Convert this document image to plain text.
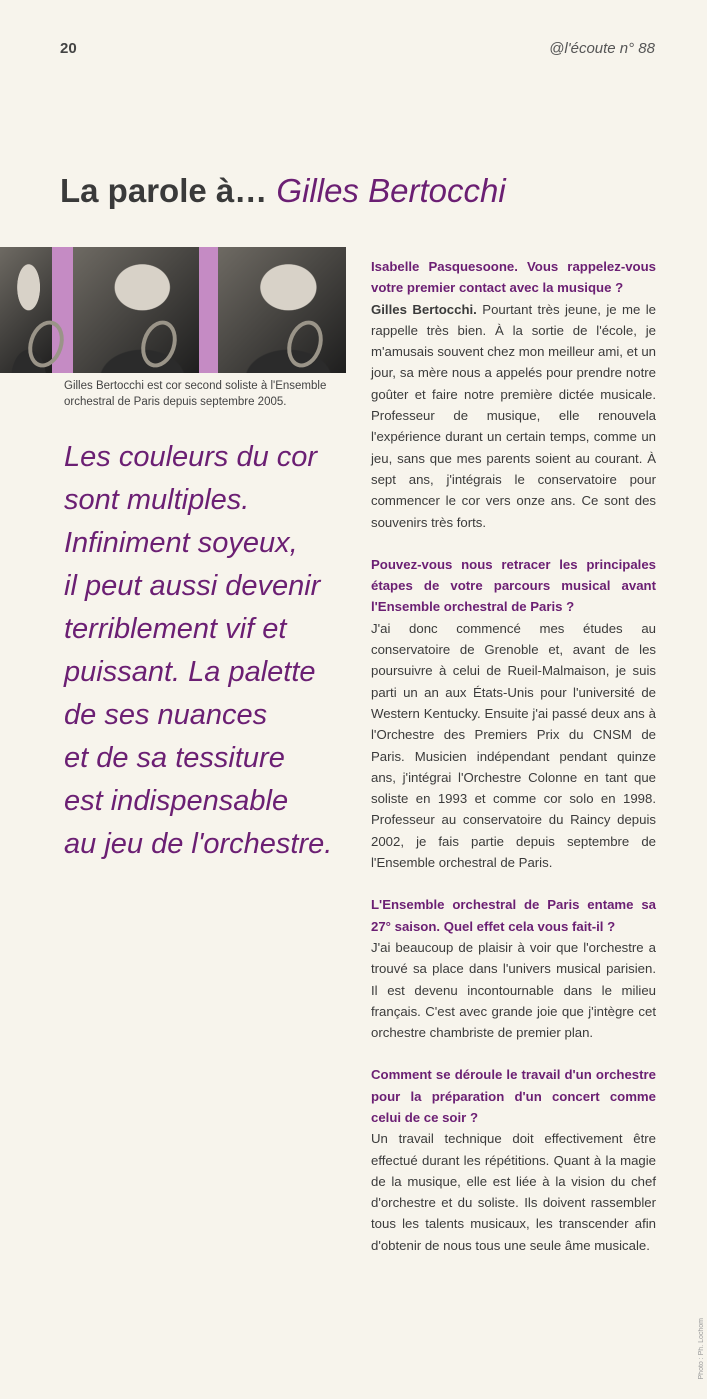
20	@l'écoute n° 88
La parole à… Gilles Bertocchi
Gilles Bertocchi est cor second soliste à l'Ensemble orchestral de Paris depuis septembre 2005.
Les couleurs du cor
sont multiples.
Infiniment soyeux,
il peut aussi devenir
terriblement vif et
puissant. La palette
de ses nuances
et de sa tessiture
est indispensable
au jeu de l'orchestre.
Isabelle Pasquesoone. Vous rappelez-vous votre premier contact avec la musique ?
Gilles Bertocchi. Pourtant très jeune, je me le rappelle très bien. À la sortie de l'école, je m'amusais souvent chez mon meilleur ami, et un jour, sa mère nous a appelés pour prendre notre goûter et faire notre première dictée musicale. Professeur de musique, elle renouvela l'expérience durant un certain temps, comme un jeu, sans que mes parents soient au courant. À sept ans, j'intégrais le conservatoire pour commencer le cor vers onze ans. Ce sont des souvenirs très forts.
Pouvez-vous nous retracer les principales étapes de votre parcours musical avant l'Ensemble orchestral de Paris ?
J'ai donc commencé mes études au conservatoire de Grenoble et, avant de les poursuivre à celui de Rueil-Malmaison, je suis parti un an aux États-Unis pour l'université de Western Kentucky. Ensuite j'ai passé deux ans à l'Orchestre des Premiers Prix du CNSM de Paris. Musicien indépendant pendant quinze ans, j'intégrai l'Orchestre Colonne en tant que soliste en 1993 et comme cor solo en 1998. Professeur au conservatoire du Raincy depuis 2002, je fais partie depuis septembre de l'Ensemble orchestral de Paris.
L'Ensemble orchestral de Paris entame sa 27° saison. Quel effet cela vous fait-il ?
J'ai beaucoup de plaisir à voir que l'orchestre a trouvé sa place dans l'univers musical parisien. Il est devenu incontournable dans le milieu français. C'est avec grande joie que j'intègre cet orchestre chambriste de premier plan.
Comment se déroule le travail d'un orchestre pour la préparation d'un concert comme celui de ce soir ?
Un travail technique doit effectivement être effectué durant les répétitions. Quant à la magie de la musique, elle est liée à la vision du chef d'orchestre et du soliste. Ils doivent rassembler tous les talents musicaux, les transcender afin d'obtenir de nous tous une seule âme musicale.
Photo : Ph. Lochom
